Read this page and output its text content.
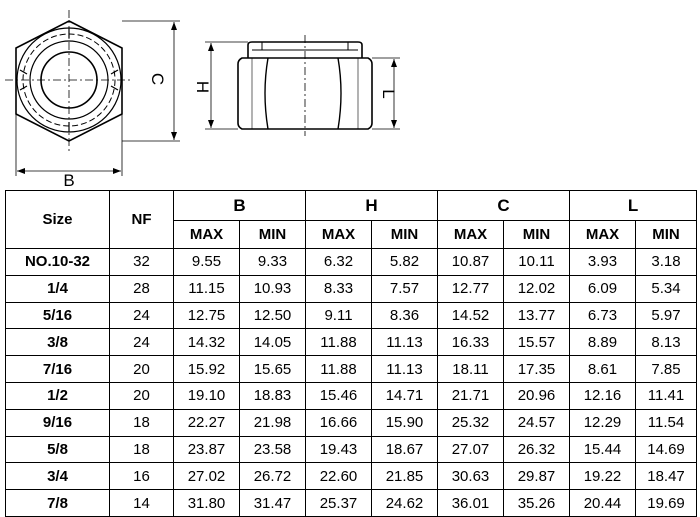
C
B
H
L
Size	NF	B		H		C		L	
		MAX	MIN	MAX	MIN	MAX	MIN	MAX	MIN
NO.10-32	32	9.55	9.33	6.32	5.82	10.87	10.11	3.93	3.18
1/4	28	11.15	10.93	8.33	7.57	12.77	12.02	6.09	5.34
5/16	24	12.75	12.50	9.11	8.36	14.52	13.77	6.73	5.97
3/8	24	14.32	14.05	11.88	11.13	16.33	15.57	8.89	8.13
7/16	20	15.92	15.65	11.88	11.13	18.11	17.35	8.61	7.85
1/2	20	19.10	18.83	15.46	14.71	21.71	20.96	12.16	11.41
9/16	18	22.27	21.98	16.66	15.90	25.32	24.57	12.29	11.54
5/8	18	23.87	23.58	19.43	18.67	27.07	26.32	15.44	14.69
3/4	16	27.02	26.72	22.60	21.85	30.63	29.87	19.22	18.47
7/8	14	31.80	31.47	25.37	24.62	36.01	35.26	20.44	19.69
